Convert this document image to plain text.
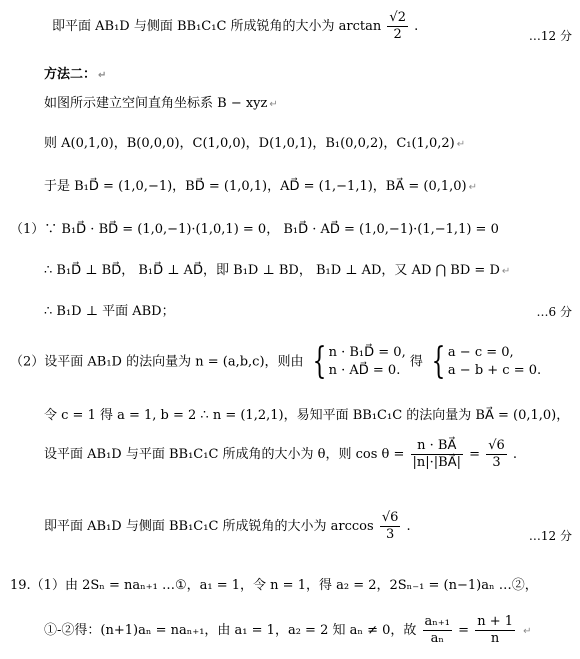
即平面 AB₁D 与侧面 BB₁C₁C 所成锐角的大小为 $\arctan \frac{√2}{2}$ .
…12 分
方法二： ↵
如图所示建立空间直角坐标系 B − xyz ↵
则 A(0,1,0)，B(0,0,0)，C(1,0,0)，D(1,0,1)，B₁(0,0,2)，C₁(1,0,2) ↵
于是 B₁D⃗ = (1,0,−1)，BD⃗ = (1,0,1)，AD⃗ = (1,−1,1)，BA⃗ = (0,1,0) ↵
（1）∵ B₁D⃗ · BD⃗ = (1,0,−1)·(1,0,1) = 0， B₁D⃗ · AD⃗ = (1,0,−1)·(1,−1,1) = 0
∴ B₁D⃗ ⊥ BD⃗， B₁D⃗ ⊥ AD⃗，即 B₁D ⊥ BD， B₁D ⊥ AD，又 AD ⋂ BD = D ↵
∴ B₁D ⊥ 平面 ABD；	…6 分
（2）设平面 AB₁D 的法向量为 n = (a,b,c)，则由 { n · B₁D⃗ = 0,
n · AD⃗ = 0.
得 { a − c = 0,
a − b + c = 0.
令 c = 1 得 a = 1, b = 2 ∴ n = (1,2,1)，易知平面 BB₁C₁C 的法向量为 BA⃗ = (0,1,0)，
设平面 AB₁D 与平面 BB₁C₁C 所成角的大小为 θ，则 $\cos \theta = \frac{n \cdot BA⃗}{|n|\cdot|BA⃗|} = \frac{√6}{3}$ .
即平面 AB₁D 与侧面 BB₁C₁C 所成锐角的大小为 $\arccos \frac{√6}{3}$ .
…12 分
19.（1）由 2Sₙ = naₙ₊₁ …①，a₁ = 1，令 n = 1，得 a₂ = 2，2Sₙ₋₁ = (n−1)aₙ …②，
①-②得：(n+1)aₙ = naₙ₊₁，由 a₁ = 1，a₂ = 2 知 aₙ ≠ 0，故 $\frac{\text{aₙ₊₁}}{\text{aₙ}} = \frac{n + 1}{n}$ ↵
